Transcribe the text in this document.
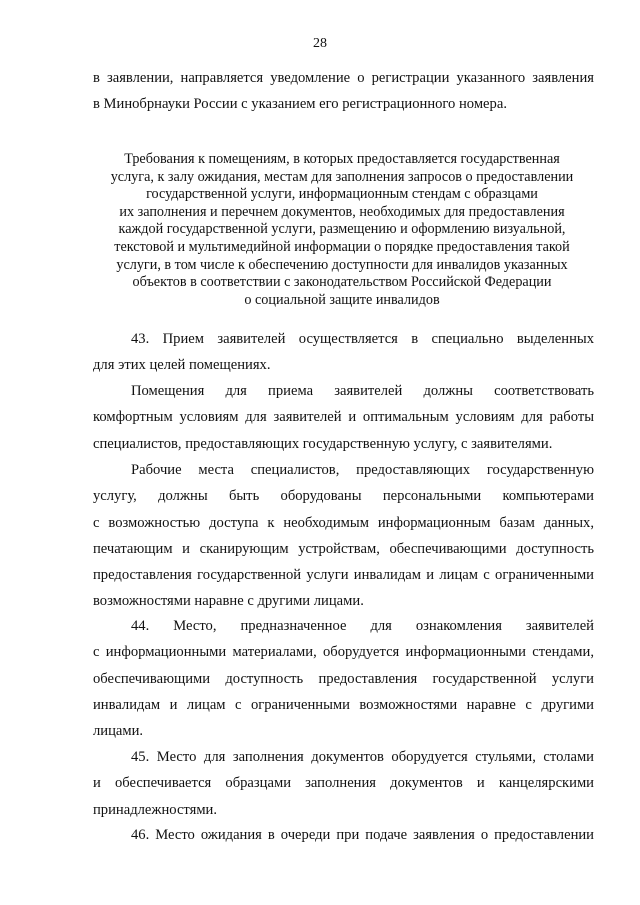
28
в заявлении, направляется уведомление о регистрации указанного заявления
в Минобрнауки России с указанием его регистрационного номера.
Требования к помещениям, в которых предоставляется государственная
услуга, к залу ожидания, местам для заполнения запросов о предоставлении
государственной услуги, информационным стендам с образцами
их заполнения и перечнем документов, необходимых для предоставления
каждой государственной услуги, размещению и оформлению визуальной,
текстовой и мультимедийной информации о порядке предоставления такой
услуги, в том числе к обеспечению доступности для инвалидов указанных
объектов в соответствии с законодательством Российской Федерации
о социальной защите инвалидов
43. Прием заявителей осуществляется в специально выделенных
для этих целей помещениях.
Помещения для приема заявителей должны соответствовать
комфортным условиям для заявителей и оптимальным условиям для работы
специалистов, предоставляющих государственную услугу, с заявителями.
Рабочие места специалистов, предоставляющих государственную
услугу, должны быть оборудованы персональными компьютерами
с возможностью доступа к необходимым информационным базам данных,
печатающим и сканирующим устройствам, обеспечивающими доступность
предоставления государственной услуги инвалидам и лицам с ограниченными
возможностями наравне с другими лицами.
44. Место, предназначенное для ознакомления заявителей
с информационными материалами, оборудуется информационными стендами,
обеспечивающими доступность предоставления государственной услуги
инвалидам и лицам с ограниченными возможностями наравне с другими
лицами.
45. Место для заполнения документов оборудуется стульями, столами
и обеспечивается образцами заполнения документов и канцелярскими
принадлежностями.
46. Место ожидания в очереди при подаче заявления о предоставлении
